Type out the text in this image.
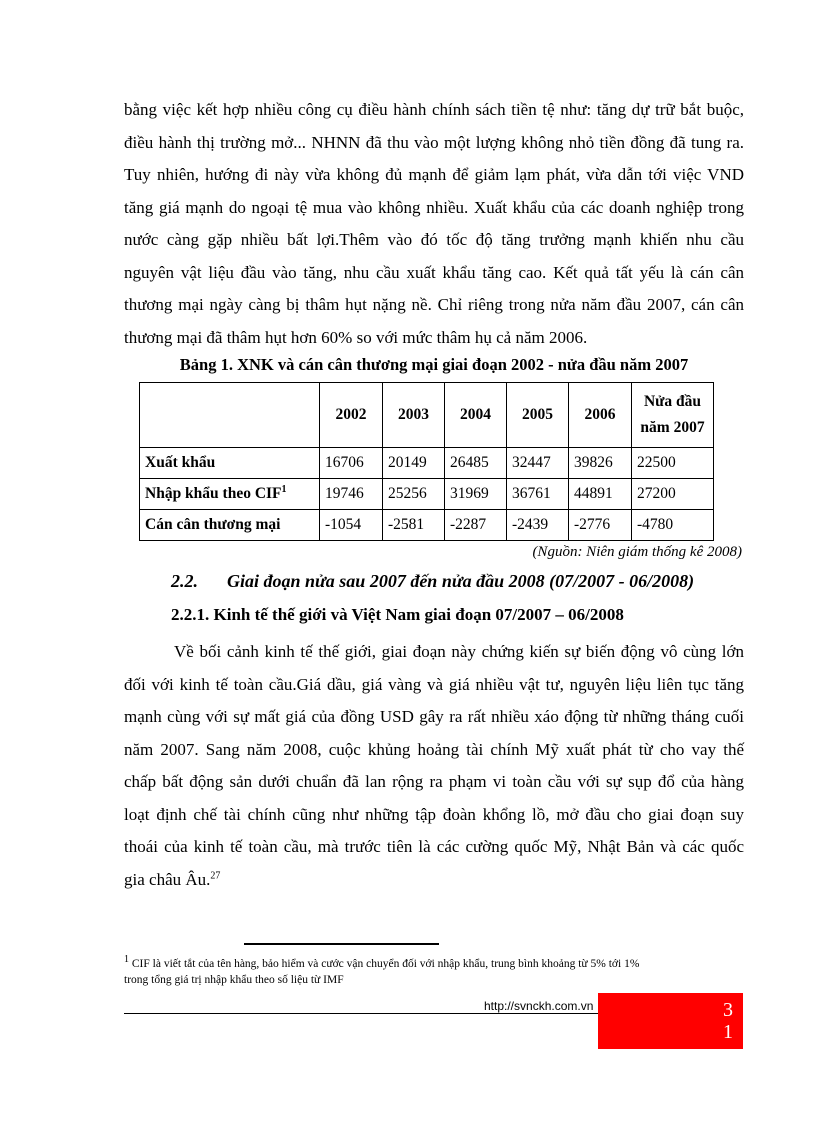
bằng việc kết hợp nhiều công cụ điều hành chính sách tiền tệ như: tăng dự trữ bắt buộc,
điều hành thị trường mở... NHNN đã thu vào một lượng không nhỏ tiền đồng đã tung ra.
Tuy nhiên, hướng đi này vừa không đủ mạnh để giảm lạm phát, vừa dẫn tới việc VND
tăng giá mạnh do ngoại tệ mua vào không nhiều. Xuất khẩu của các doanh nghiệp trong
nước càng gặp nhiều bất lợi.Thêm vào đó tốc độ tăng trưởng mạnh khiến nhu cầu
nguyên vật liệu đầu vào tăng, nhu cầu xuất khẩu tăng cao. Kết quả tất yếu là cán cân
thương mại ngày càng bị thâm hụt nặng nề. Chỉ riêng trong nửa năm đầu 2007, cán cân
thương mại đã thâm hụt hơn 60% so với mức thâm hụ cả năm 2006.
Bảng 1. XNK và cán cân thương mại giai đoạn 2002 - nửa đầu năm 2007
	2002	2003	2004	2005	2006	Nửa đầu
năm 2007
Xuất khẩu	16706	20149	26485	32447	39826	22500
Nhập khẩu theo CIF$^1$	19746	25256	31969	36761	44891	27200
Cán cân thương mại	-1054	-2581	-2287	-2439	-2776	-4780
(Nguồn: Niên giám thống kê 2008)
2.2. Giai đoạn nửa sau 2007 đến nửa đầu 2008 (07/2007 - 06/2008)
2.2.1. Kinh tế thế giới và Việt Nam giai đoạn 07/2007 – 06/2008
Về bối cảnh kinh tế thế giới, giai đoạn này chứng kiến sự biến động vô cùng lớn
đối với kinh tế toàn cầu.Giá dầu, giá vàng và giá nhiều vật tư, nguyên liệu liên tục tăng
mạnh cùng với sự mất giá của đồng USD gây ra rất nhiều xáo động từ những tháng cuối
năm 2007. Sang năm 2008, cuộc khủng hoảng tài chính Mỹ xuất phát từ cho vay thế
chấp bất động sản dưới chuẩn đã lan rộng ra phạm vi toàn cầu với sự sụp đổ của hàng
loạt định chế tài chính cũng như những tập đoàn khổng lồ, mở đầu cho giai đoạn suy
thoái của kinh tế toàn cầu, mà trước tiên là các cường quốc Mỹ, Nhật Bản và các quốc
gia châu Âu.$^{27}$
$^1$ CIF là viết tắt của tên hàng, bảo hiểm và cước vận chuyển đối với nhập khẩu, trung bình khoảng từ 5% tới 1%
trong tổng giá trị nhập khẩu theo số liệu từ IMF
http://svnckh.com.vn	3
1
